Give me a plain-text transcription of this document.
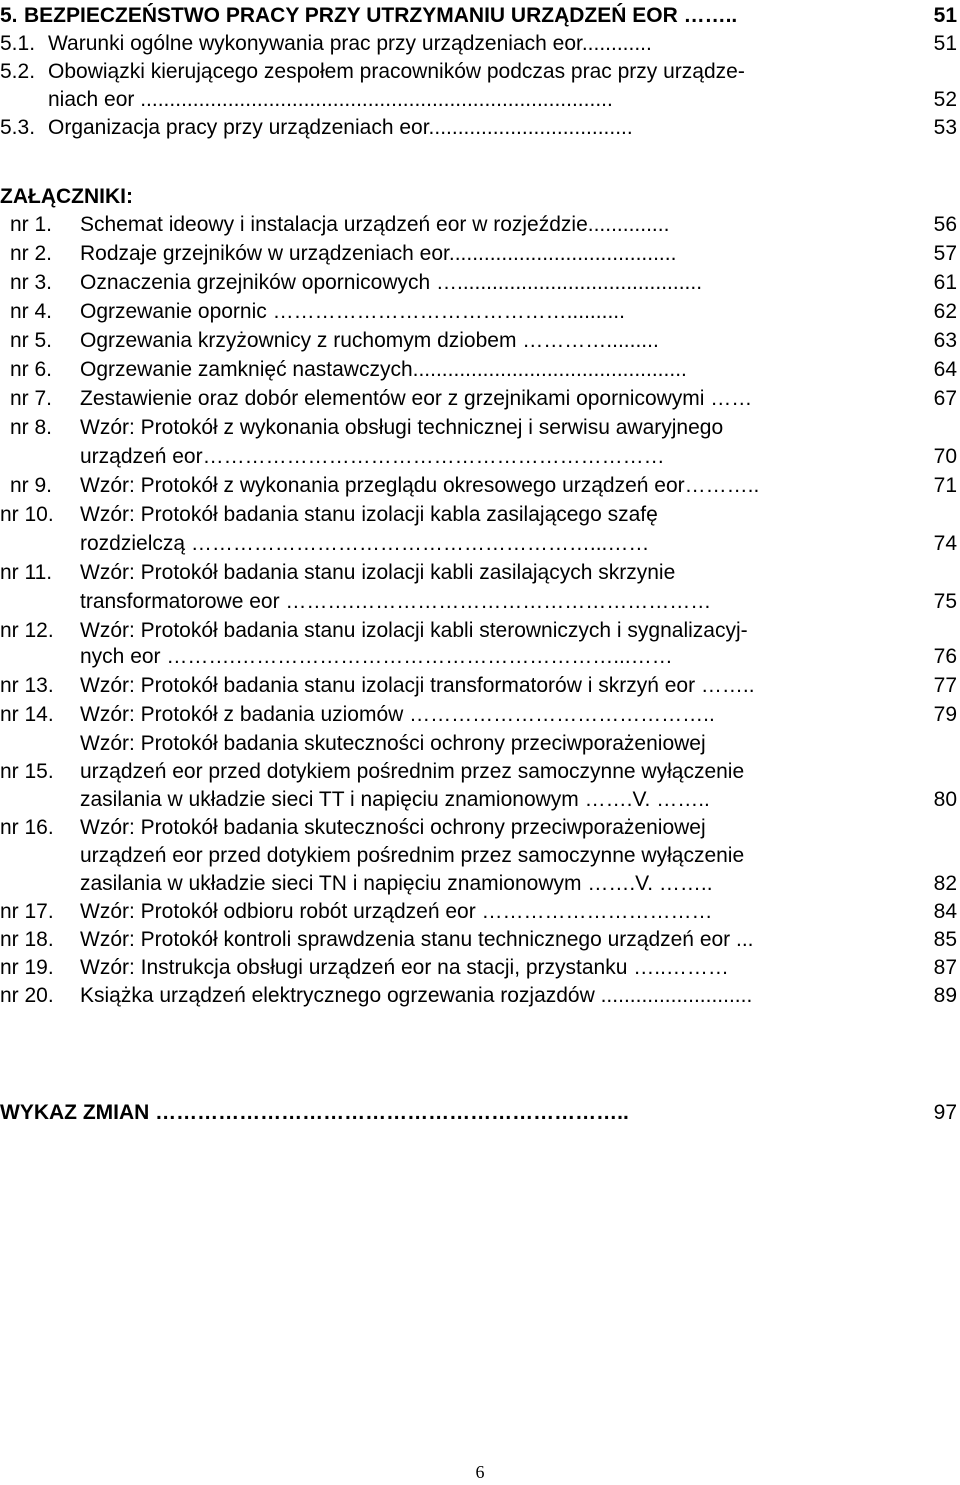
5. BEZPIECZEŃSTWO PRACY PRZY UTRZYMANIU URZĄDZEŃ EOR ……..	51
5.1. Warunki ogólne wykonywania prac przy urządzeniach eor............	51
5.2. Obowiązki kierującego zespołem pracowników podczas prac przy urządze-
niach eor .................................................................................	52
5.3. Organizacja pracy przy urządzeniach eor...................................	53
ZAŁĄCZNIKI:
nr 1. Schemat ideowy i instalacja urządzeń eor w rozjeździe..............	56
nr 2. Rodzaje grzejników w urządzeniach eor.......................................	57
nr 3. Oznaczenia grzejników opornicowych …..........................................	61
nr 4. Ogrzewanie opornic ……………………………………..........	62
nr 5. Ogrzewania krzyżownicy z ruchomym dziobem ………….........	63
nr 6. Ogrzewanie zamknięć nastawczych...............................................	64
nr 7. Zestawienie oraz dobór elementów eor z grzejnikami opornicowymi ……	67
nr 8. Wzór: Protokół z wykonania obsługi technicznej i serwisu awaryjnego
urządzeń eor…………………………………………………………	70
nr 9. Wzór: Protokół z wykonania przeglądu okresowego urządzeń eor………..	71
nr 10. Wzór: Protokół badania stanu izolacji kabla zasilającego szafę
rozdzielczą …………………………………………………...……	74
nr 11. Wzór: Protokół badania stanu izolacji kabli zasilających skrzynie
transformatorowe eor ……….……………………………………………	75
nr 12. Wzór: Protokół badania stanu izolacji kabli sterowniczych i sygnalizacyj-
nych eor ……….………………………………………………...……	76
nr 13. Wzór: Protokół badania stanu izolacji transformatorów i skrzyń eor ……..	77
nr 14. Wzór: Protokół z badania uziomów ……………………………………..	79
Wzór: Protokół badania skuteczności ochrony przeciwporażeniowej
nr 15. urządzeń eor przed dotykiem pośrednim przez samoczynne wyłączenie
zasilania w układzie sieci TT i napięciu znamionowym …….V. ……..	80
nr 16. Wzór: Protokół badania skuteczności ochrony przeciwporażeniowej
urządzeń eor przed dotykiem pośrednim przez samoczynne wyłączenie
zasilania w układzie sieci TN i napięciu znamionowym …….V. ……..	82
nr 17. Wzór: Protokół odbioru robót urządzeń eor ……………………………	84
nr 18. Wzór: Protokół kontroli sprawdzenia stanu technicznego urządzeń eor ...	85
nr 19. Wzór: Instrukcja obsługi urządzeń eor na stacji, przystanku …..………	87
nr 20. Książka urządzeń elektrycznego ogrzewania rozjazdów ..........................	89
WYKAZ ZMIAN …………………………………………………………..	97
6
